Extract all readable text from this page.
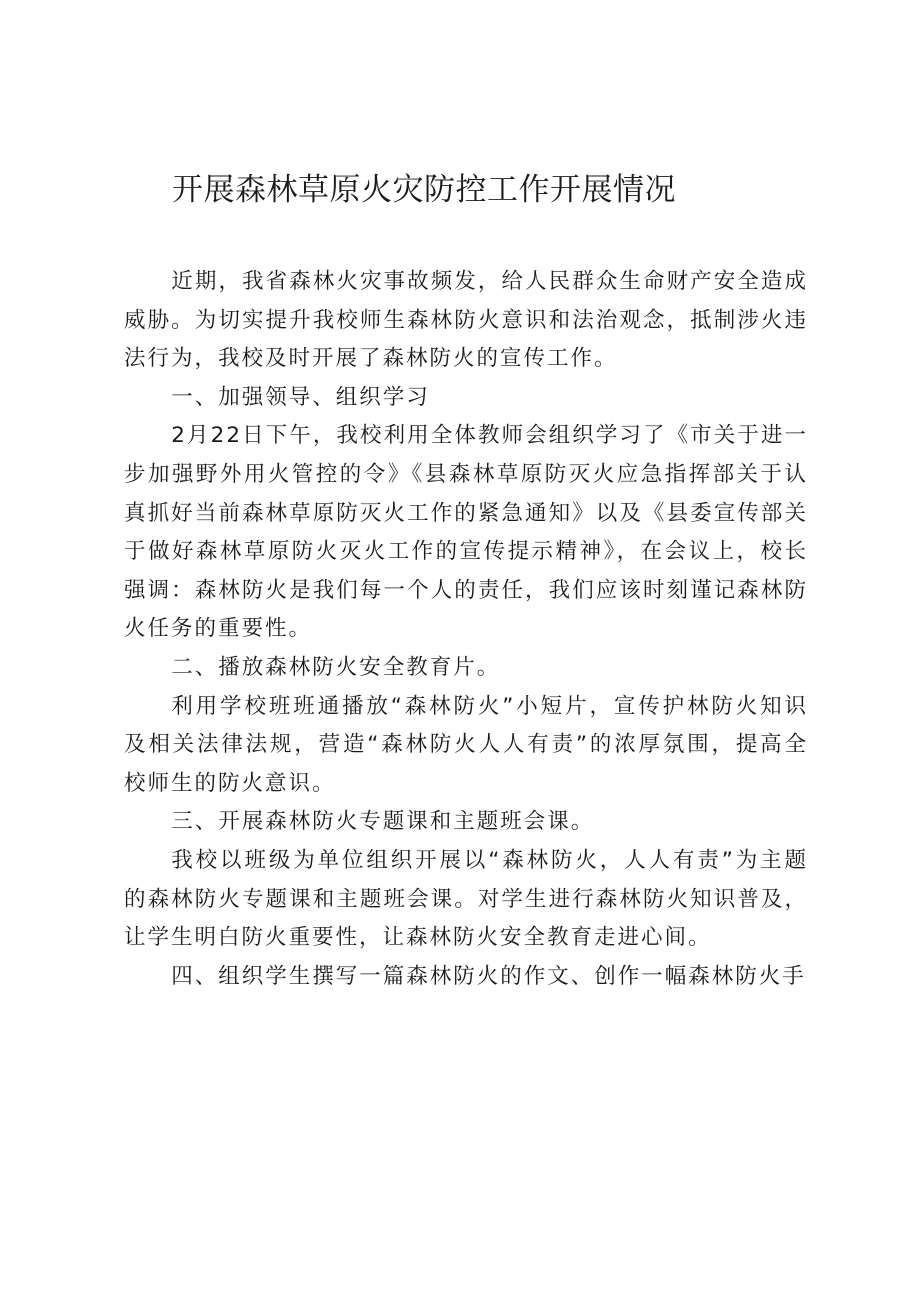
开展森林草原火灾防控工作开展情况

近期，我省森林火灾事故频发，给人民群众生命财产安全造成威胁。为切实提升我校师生森林防火意识和法治观念，抵制涉火违法行为，我校及时开展了森林防火的宣传工作。

一、加强领导、组织学习

2月22日下午，我校利用全体教师会组织学习了《市关于进一步加强野外用火管控的令》《县森林草原防灭火应急指挥部关于认真抓好当前森林草原防灭火工作的紧急通知》以及《县委宣传部关于做好森林草原防火灭火工作的宣传提示精神》，在会议上，校长强调：森林防火是我们每一个人的责任，我们应该时刻谨记森林防火任务的重要性。

二、播放森林防火安全教育片。

利用学校班班通播放“森林防火”小短片，宣传护林防火知识及相关法律法规，营造“森林防火人人有责”的浓厚氛围，提高全校师生的防火意识。

三、开展森林防火专题课和主题班会课。

我校以班级为单位组织开展以“森林防火，人人有责”为主题的森林防火专题课和主题班会课。对学生进行森林防火知识普及，让学生明白防火重要性，让森林防火安全教育走进心间。

四、组织学生撰写一篇森林防火的作文、创作一幅森林防火手
